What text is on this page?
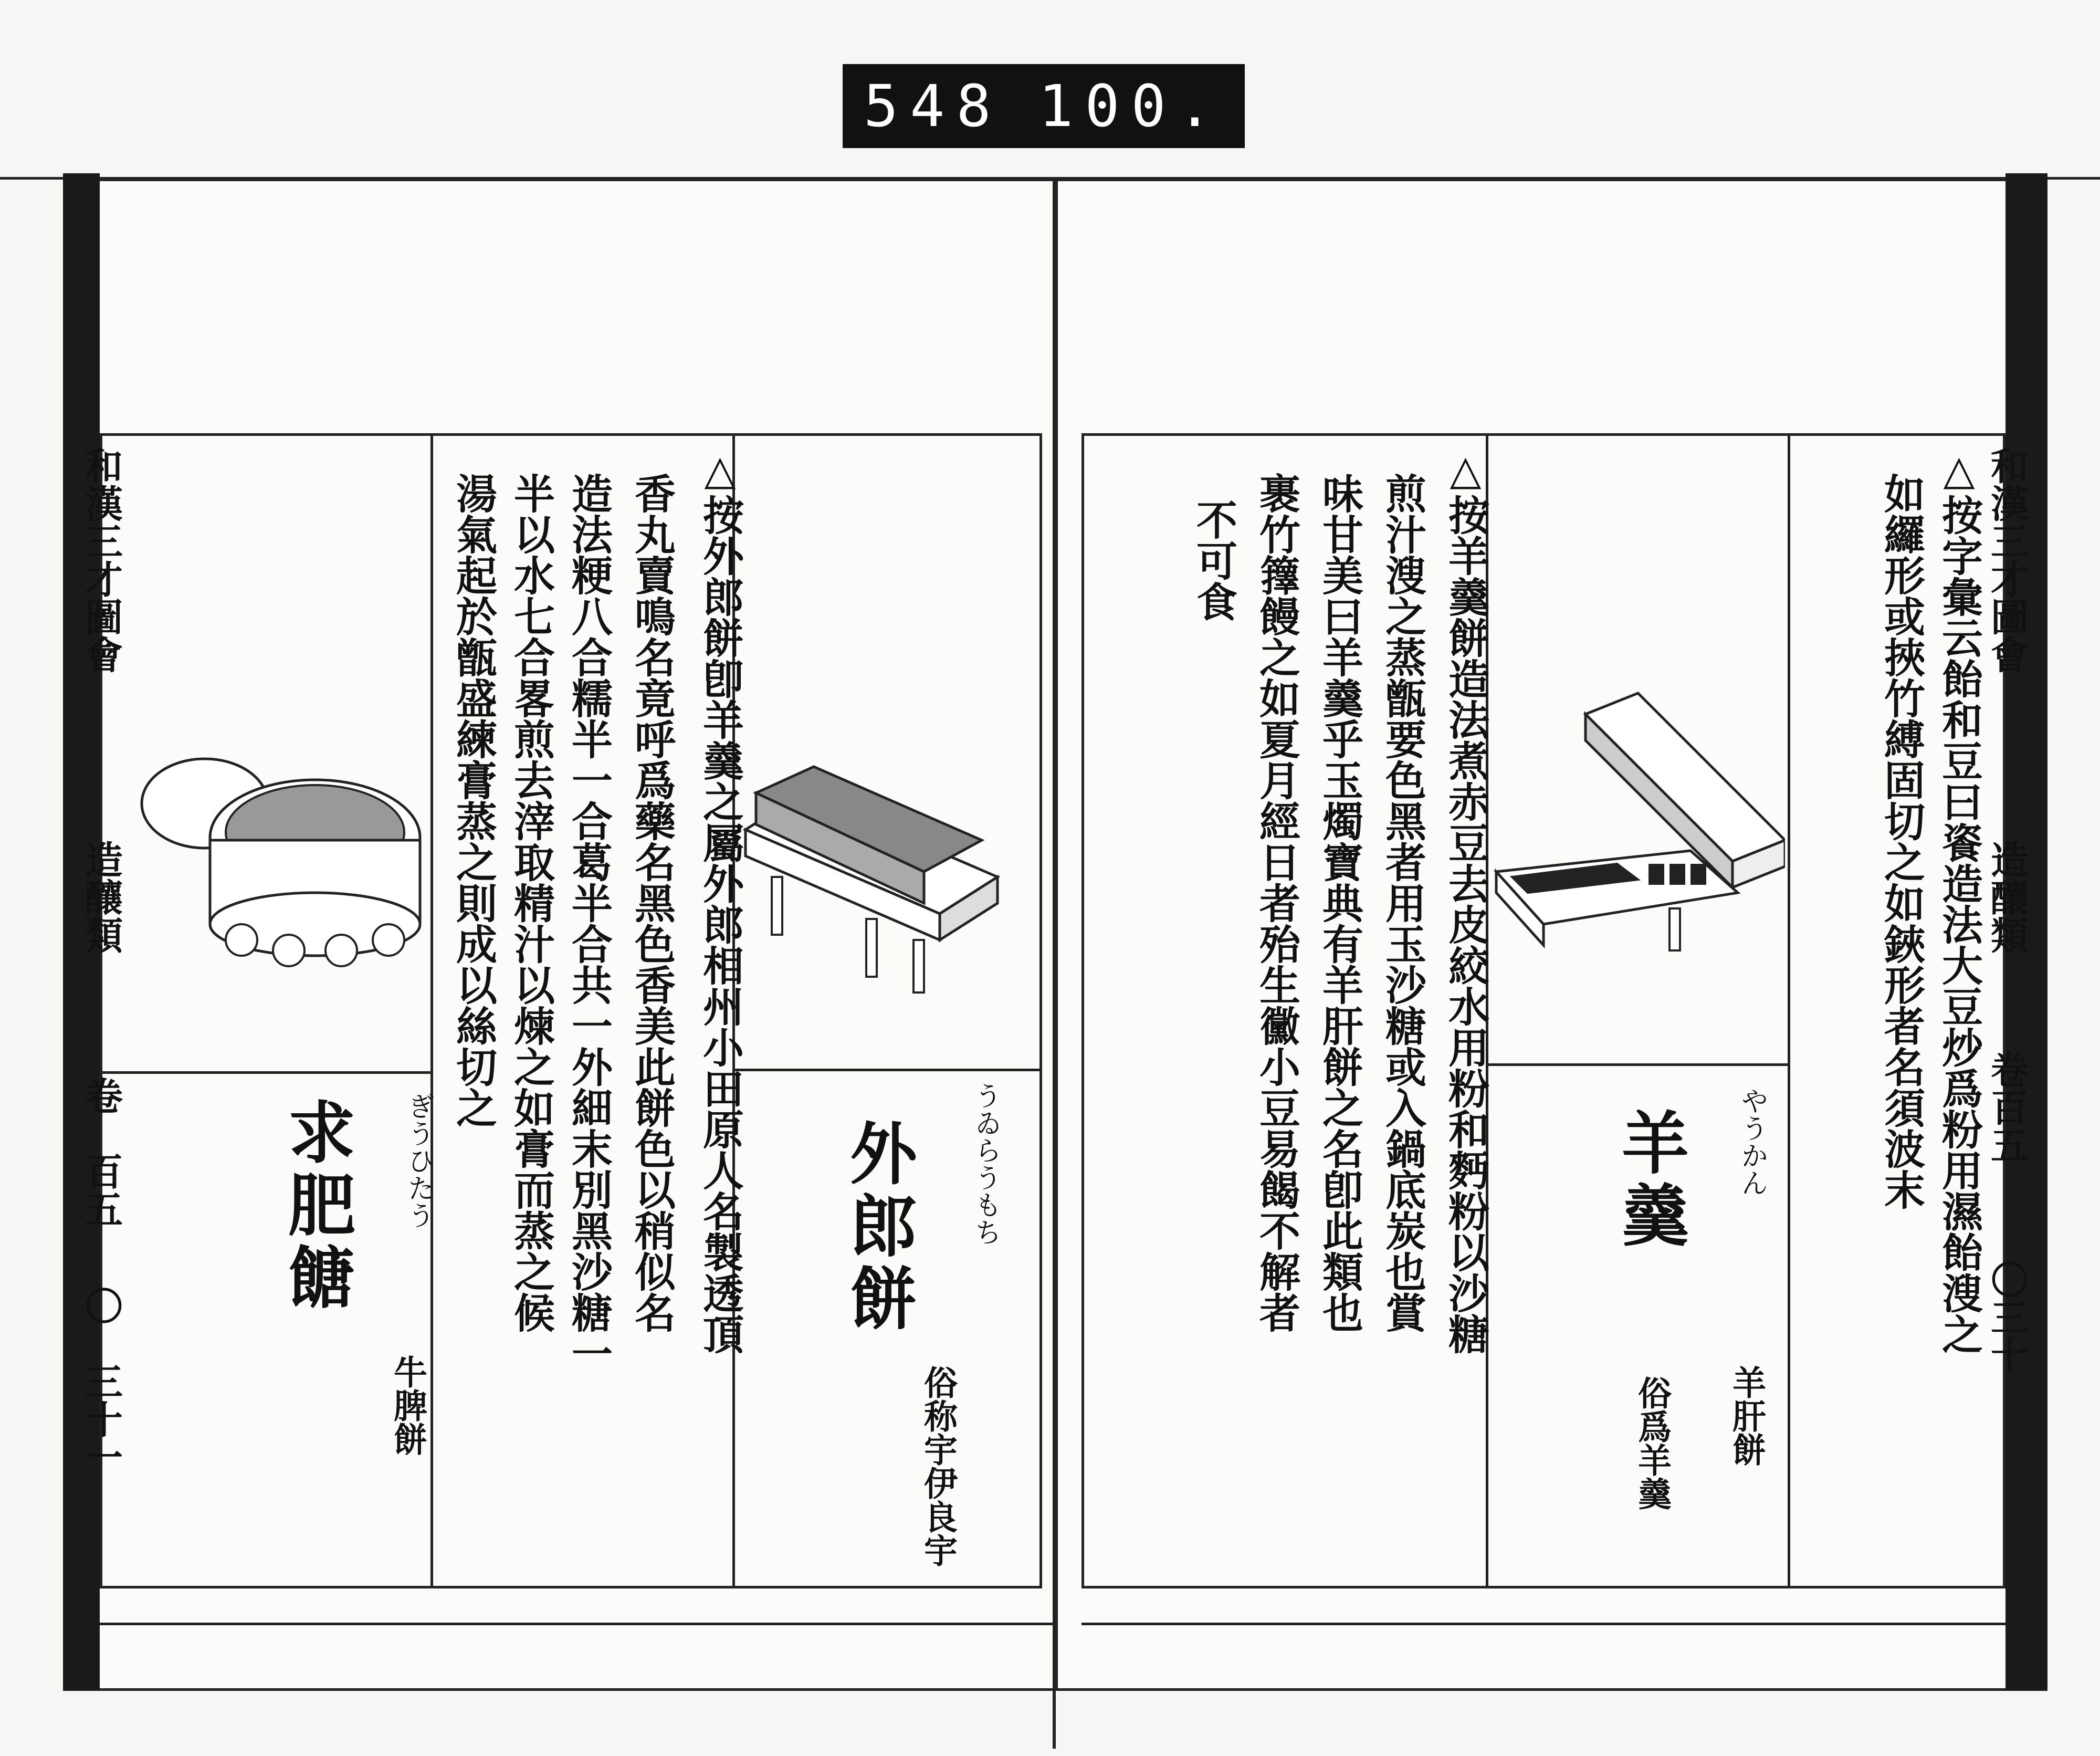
548 100.
和漢三才圖會
造釀類
卷　百五
〇　三十一
△按外郎餅卽羊羹之屬外郎相州小田原人名製透頂
香丸賣鳴名竟呼爲藥名黑色香美此餅色以稍似名
造法粳八合糯半一合葛半合共一外細末別黑沙糖一
半以水七合畧煎去滓取精汁以煉之如膏而蒸之候
湯氣起於甑盛練膏蒸之則成以絲切之
外郎餅	うゐらうもち
俗称宇伊良宇
求肥餹	ぎうひたう
牛脾餅
和漢三才圖會
造釀類
卷百五
〇三十
△按字彙云飴和豆曰餈造法大豆炒爲粉用濕飴溲之
如纙形或挾竹縛固切之如鋏形者名須波末
△按羊羹餅造法煮赤豆去皮絞水用粉和麪粉以沙糖
煎汁溲之蒸甑要色黑者用玉沙糖或入鍋底炭也賞
味甘美曰羊羹乎玉燭寶典有羊肝餅之名卽此類也
裹竹籜饅之如夏月經日者殆生黴小豆易餲不解者
不可食
羊羹	やうかん
羊肝餅
俗爲羊羹
